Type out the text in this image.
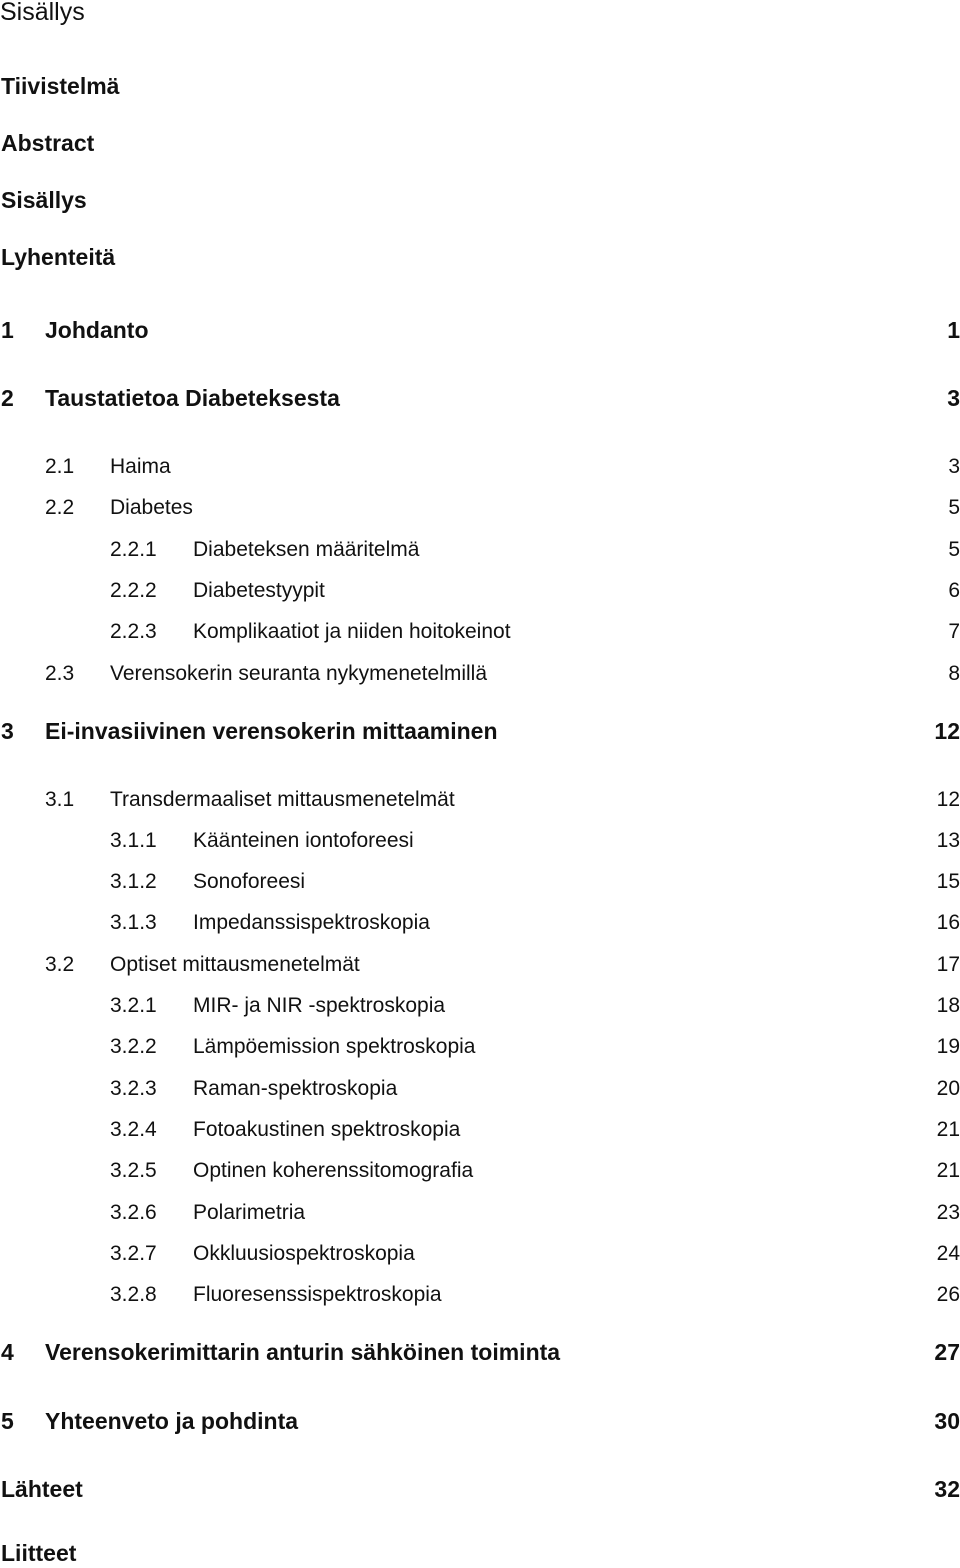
Sisällys
Tiivistelmä
Abstract
Sisällys
Lyhenteitä
1 Johdanto	1
2 Taustatietoa Diabeteksesta	3
2.1 Haima	3
2.2 Diabetes	5
2.2.1 Diabeteksen määritelmä	5
2.2.2 Diabetestyypit	6
2.2.3 Komplikaatiot ja niiden hoitokeinot	7
2.3 Verensokerin seuranta nykymenetelmillä	8
3 Ei-invasiivinen verensokerin mittaaminen	12
3.1 Transdermaaliset mittausmenetelmät	12
3.1.1 Käänteinen iontoforeesi	13
3.1.2 Sonoforeesi	15
3.1.3 Impedanssispektroskopia	16
3.2 Optiset mittausmenetelmät	17
3.2.1 MIR- ja NIR -spektroskopia	18
3.2.2 Lämpöemission spektroskopia	19
3.2.3 Raman-spektroskopia	20
3.2.4 Fotoakustinen spektroskopia	21
3.2.5 Optinen koherenssitomografia	21
3.2.6 Polarimetria	23
3.2.7 Okkluusiospektroskopia	24
3.2.8 Fluoresenssispektroskopia	26
4 Verensokerimittarin anturin sähköinen toiminta	27
5 Yhteenveto ja pohdinta	30
Lähteet	32
Liitteet
